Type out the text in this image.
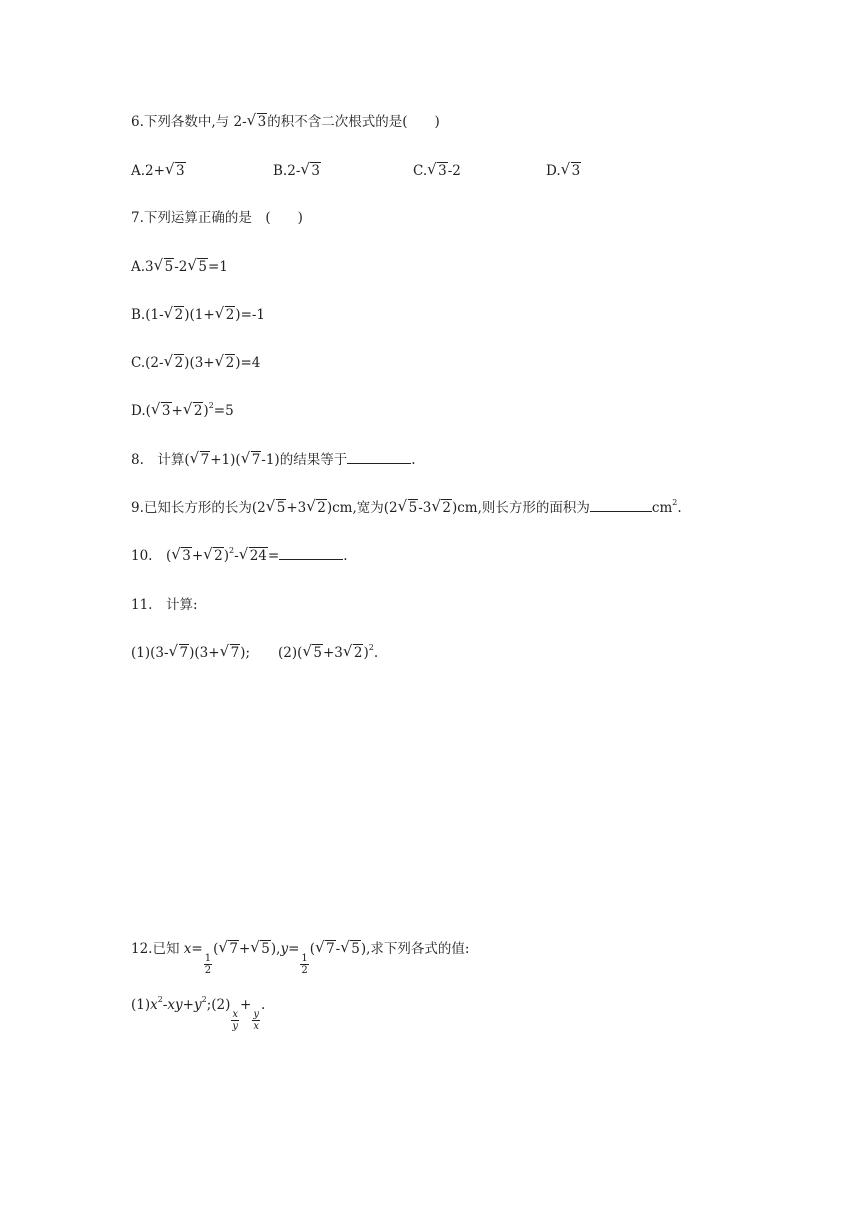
6.下列各数中,与 2- √ 3的积不含二次根式的是(　　)
A.2+ √ 3	B.2- √ 3	C. √ 3-2	D. √ 3
7.下列运算正确的是　(　　)
A.3 √ 5-2 √ 5=1
B.(1- √ 2)(1+ √ 2)=-1
C.(2- √ 2)(3+ √ 2)=4
D.( √ 3+ √ 2)$^2$=5
8.　计算( √ 7+1)( √ 7-1)的结果等于	.
9.已知长方形的长为(2 √ 5+3 √ 2)cm,宽为(2 √ 5-3 √ 2)cm,则长方形的面积为	$cm^2$.
10.　( √ 3+ √ 2)$^2$- √ 24=	.
11.　计算:
(1)(3- √ 7)(3+ √ 7); (2)( √ 5+3 √ 2)$^2$.
12.已知 x=
$\frac{1}{2}$
( √ 7+ √ 5),y=
$\frac{1}{2}$
( √ 7- √ 5),求下列各式的值:
$(1)x^2-xy+y^2;(2)$
$\frac{x}{y}$
+
$\frac{y}{x}$
.
